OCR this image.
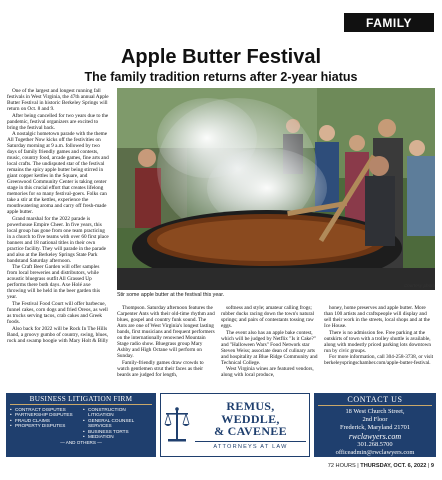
FAMILY
Apple Butter Festival
The family tradition returns after 2-year hiatus

One of the largest and longest running fall festivals in West Virginia, the 47th annual Apple Butter Festival in historic Berkeley Springs will return on Oct. 8 and 9.

After being cancelled for two years due to the pandemic, festival organizers are excited to bring the festival back.

A nostalgic hometown parade with the theme All Together Now kicks off the festivities on Saturday morning at 9 a.m. followed by two days of family friendly games and contests, music, country food, arcade games, fine arts and local crafts. The undisputed star of the festival remains the spicy apple butter being stirred in giant copper kettles in the Square, and Greenwood Community Center is taking center stage in this crucial effort that creates lifelong memories for so many festival-goers. Folks can take a stir at the kettles, experience the mouthwatering aroma and carry off fresh-made apple butter.

Grand marshal for the 2022 parade is powerhouse Empire Cheer. In five years, this local group has gone from one team practicing in a church to five teams with over 60 first place banners and 18 national titles in their own practice facility. They will parade in the parade and also at the Berkeley Springs State Park bandstand Saturday afternoon.

The Craft Beer Garden will offer samples from local breweries and distributors, while acoustic bluegrass outfit All Grassed Up performs there both days. Axe Holé axe throwing will be held in the beer garden this year.

The Festival Food Court will offer barbecue, funnel cakes, corn dogs and fried Oreos, as well as trucks serving tacos, crab cakes and Greek foods.

Also back for 2022 will be Rock In The Hills Band, a groovy gumbo of country, swing, blues, rock and swamp boogie with Mary Holt & Billy

Courtesy photo
Stir some apple butter at the festival this year.

Thompson. Saturday afternoon features the Carpenter Ants with their old-time rhythm and blues, gospel and country funk sound. The Ants are one of West Virginia's longest lasting bands, first musicians and frequent performers on the internationally renowned Mountain Stage radio show. Bluegrass group Mary Ashby and High Octane will perform on Sunday.

Family-friendly games draw crowds to watch gentlemen strut their faces as their beards are judged for length,

softness and style; amateur calling frogs; rubber ducks racing down the town's natural springs; and pairs of contestants tossing raw eggs.

The event also has an apple bake contest, which will be judged by Netflix "Is it Cake?" and "Halloween Wars" Food Network star Steven Weiss; associate dean of culinary arts and hospitality at Blue Ridge Community and Technical College.

West Virginia wines are featured vendors, along with local produce,

honey, home preserves and apple butter. More than 100 artists and craftspeople will display and sell their work in the streets, local shops and at the Ice House.

There is no admission fee. Free parking at the outskirts of town with a trolley shuttle is available, along with modestly priced parking lots downtown run by civic groups.

For more information, call 304-258-3738, or visit berkeleyspringschamber.com/apple-butter-festival.

BUSINESS LITIGATION FIRM
• CONTRACT DISPUTES
• PARTNERSHIP DISPUTES
• FRAUD CLAIMS
• PROPERTY DISPUTES
• CONSTRUCTION LITIGATION
• GENERAL COUNSEL SERVICES
• BUSINESS TORTS
• MEDIATION
— AND OTHERS —
REMUS,
WEDDLE,
& CAVENEE
ATTORNEYS AT LAW
CONTACT US
18 West Church Street,
2nd Floor
Frederick, Maryland 21701
rwclawyers.com
301.268.5700
officeadmin@rwclawyers.com
72 HOURS | THURSDAY, OCT. 6, 2022 | 9
